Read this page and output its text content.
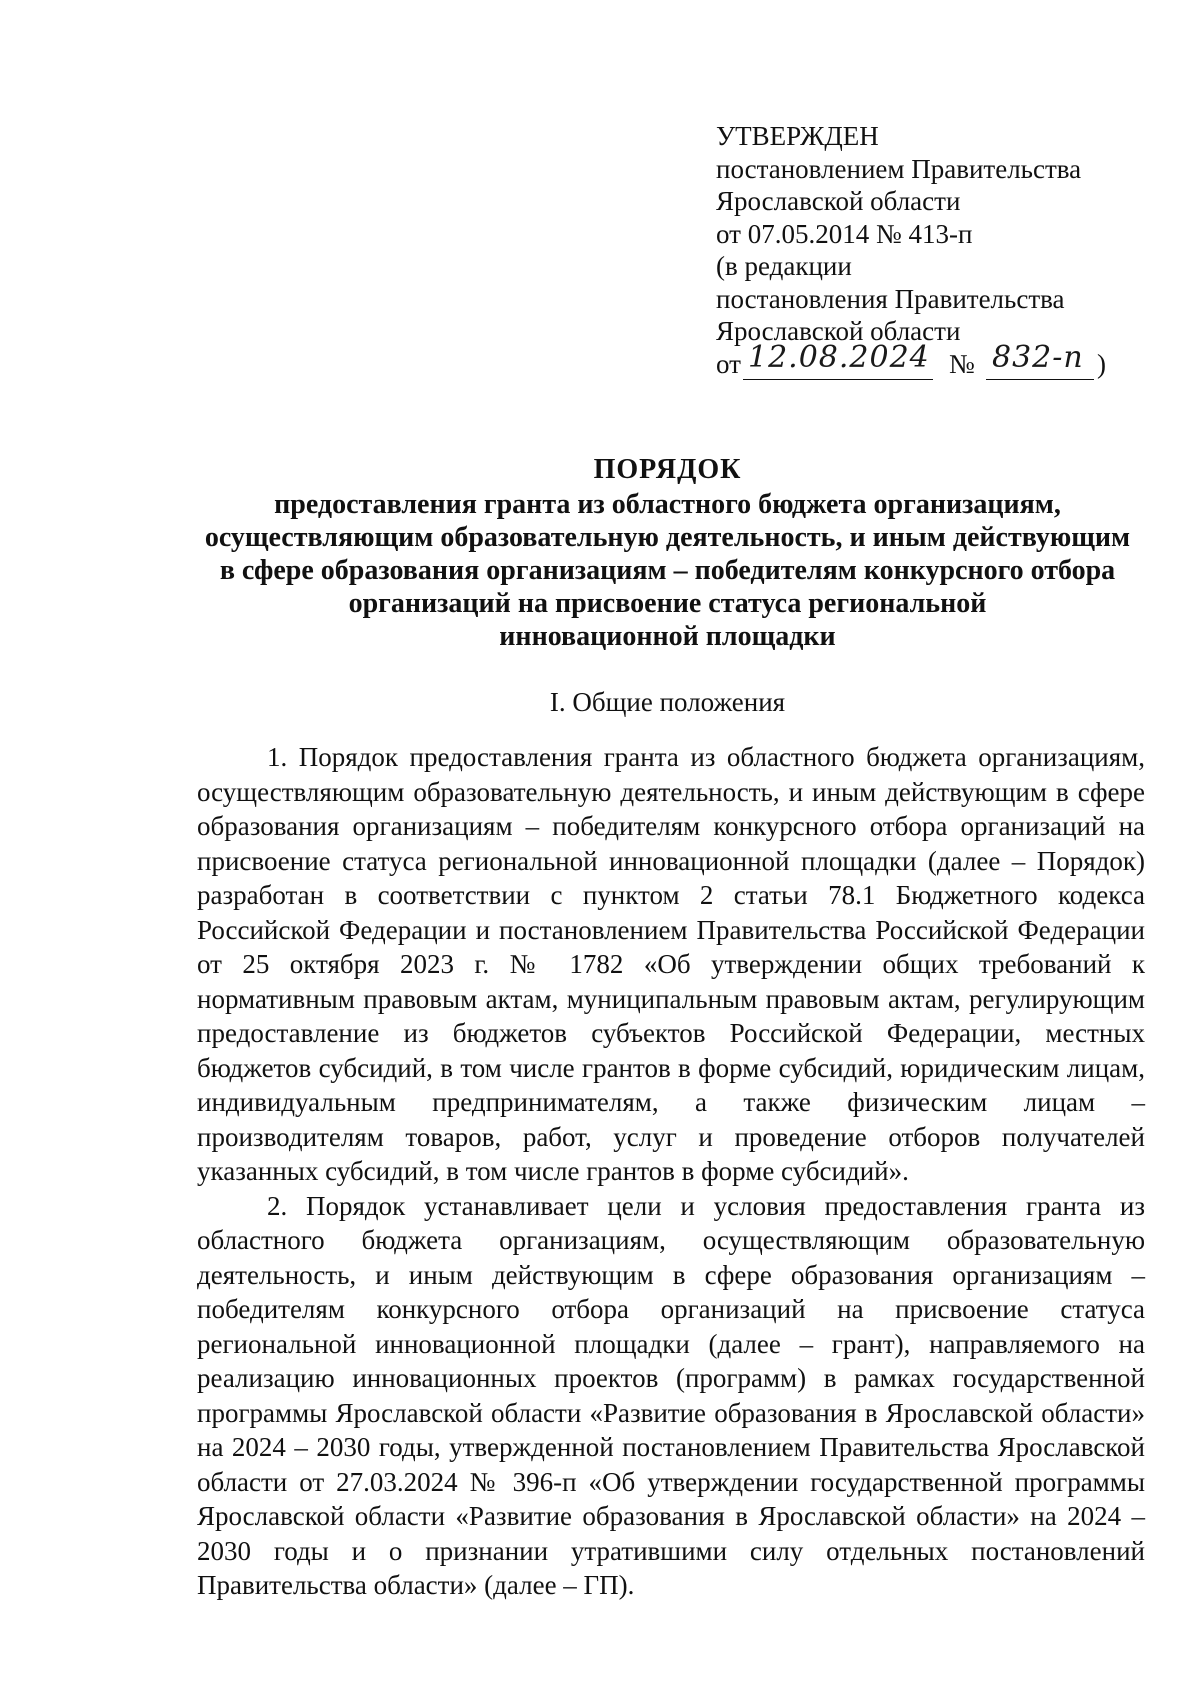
УТВЕРЖДЕН
постановлением Правительства
Ярославской области
от 07.05.2014 № 413-п
(в редакции
постановления Правительства
Ярославской области
от 12.08.2024 № 832-п )
ПОРЯДОК
предоставления гранта из областного бюджета организациям,
осуществляющим образовательную деятельность, и иным действующим
в сфере образования организациям – победителям конкурсного отбора
организаций на присвоение статуса региональной
инновационной площадки
I. Общие положения

1. Порядок предоставления гранта из областного бюджета организациям, осуществляющим образовательную деятельность, и иным действующим в сфере образования организациям – победителям конкурсного отбора организаций на присвоение статуса региональной инновационной площадки (далее – Порядок) разработан в соответствии с пунктом 2 статьи 78.1 Бюджетного кодекса Российской Федерации и постановлением Правительства Российской Федерации от 25 октября 2023 г. № 1782 «Об утверждении общих требований к нормативным правовым актам, муниципальным правовым актам, регулирующим предоставление из бюджетов субъектов Российской Федерации, местных бюджетов субсидий, в том числе грантов в форме субсидий, юридическим лицам, индивидуальным предпринимателям, а также физическим лицам – производителям товаров, работ, услуг и проведение отборов получателей указанных субсидий, в том числе грантов в форме субсидий».

2. Порядок устанавливает цели и условия предоставления гранта из областного бюджета организациям, осуществляющим образовательную деятельность, и иным действующим в сфере образования организациям – победителям конкурсного отбора организаций на присвоение статуса региональной инновационной площадки (далее – грант), направляемого на реализацию инновационных проектов (программ) в рамках государственной программы Ярославской области «Развитие образования в Ярославской области» на 2024 – 2030 годы, утвержденной постановлением Правительства Ярославской области от 27.03.2024 № 396-п «Об утверждении государственной программы Ярославской области «Развитие образования в Ярославской области» на 2024 – 2030 годы и о признании утратившими силу отдельных постановлений Правительства области» (далее – ГП).
